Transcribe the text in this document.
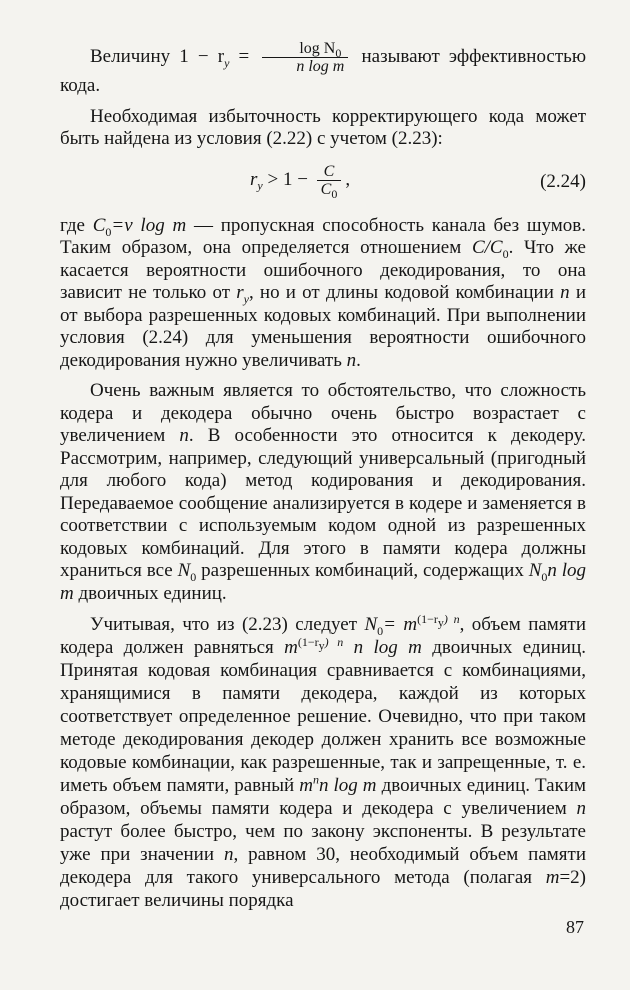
Величину $1 - r_y = \frac{\log N_0}{\text{n log m}}$ называют эффективностью кода.

Необходимая избыточность корректирующего кода может быть найдена из условия (2.22) с учетом (2.23):

$r_y > 1 - \frac{C}{C_0}$ ,	(2.24)

где $C_0=v$ log m — пропускная способность канала без шумов. Таким образом, она определяется отношением $C/C_0$. Что же касается вероятности ошибочного декодирования, то она зависит не только от $r_y$, но и от длины кодовой комбинации n и от выбора разрешенных кодовых комбинаций. При выполнении условия (2.24) для уменьшения вероятности ошибочного декодирования нужно увеличивать n.

Очень важным является то обстоятельство, что сложность кодера и декодера обычно очень быстро возрастает с увеличением n. В особенности это относится к декодеру. Рассмотрим, например, следующий универсальный (пригодный для любого кода) метод кодирования и декодирования. Передаваемое сообщение анализируется в кодере и заменяется в соответствии с используемым кодом одной из разрешенных кодовых комбинаций. Для этого в памяти кодера должны храниться все $N_0$ разрешенных комбинаций, содержащих $N_0n$ log m двоичных единиц.

Учитывая, что из (2.23) следует $N_0= m^{(1-r_y) n}$, объем памяти кодера должен равняться $m^{(1-r_y) n}$ n log m двоичных единиц. Принятая кодовая комбинация сравнивается с комбинациями, хранящимися в памяти декодера, каждой из которых соответствует определенное решение. Очевидно, что при таком методе декодирования декодер должен хранить все возможные кодовые комбинации, как разрешенные, так и запрещенные, т. е. иметь объем памяти, равный $m^nn$ log m двоичных единиц. Таким образом, объемы памяти кодера и декодера с увеличением n растут более быстро, чем по закону экспоненты. В результате уже при значении n, равном 30, необходимый объем памяти декодера для такого универсального метода (полагая m=2) достигает величины порядка

87
